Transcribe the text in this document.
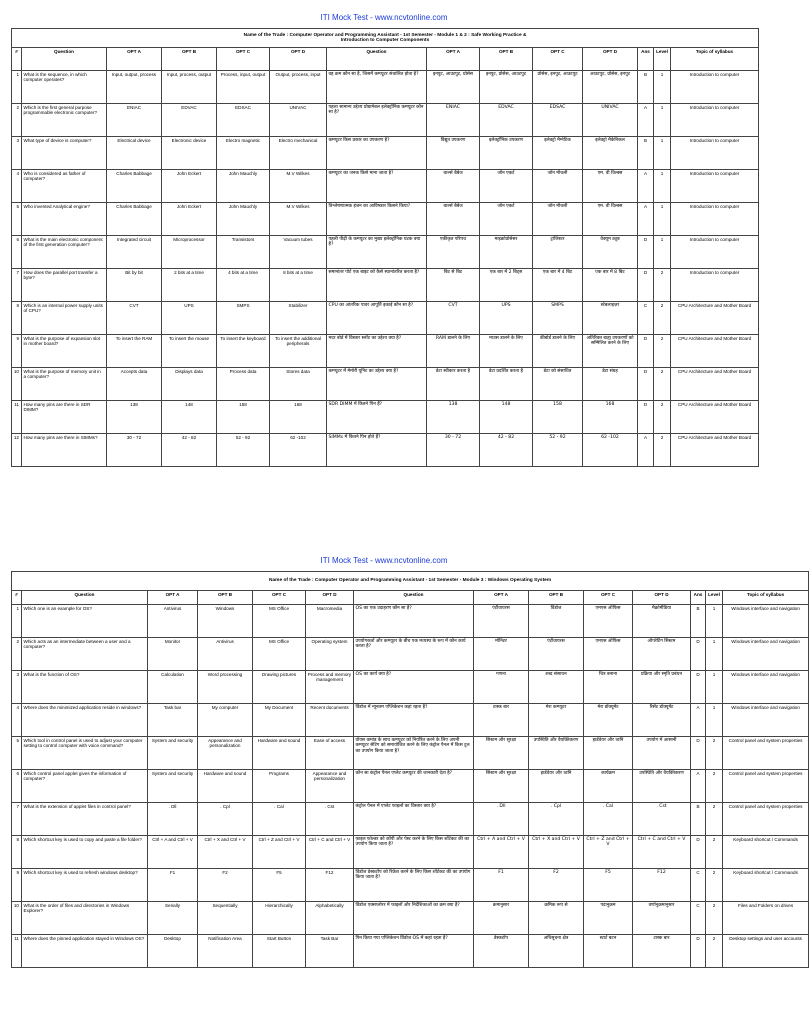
ITI Mock Test - www.ncvtonline.com
Name of the Trade : Computer Operator and Programming Assistant - 1st Semester - Module 1 & 2 : Safe Working Practice &
Introduction to Computer Components													

#	Question	OPT A	OPT B	OPT C	OPT D	Question	OPT A	OPT B	OPT C	OPT D	Ans	Level	Topic of syllabus
1	What is the sequence, in which computer operates?	Input, output, process	Input, process, output	Process, input, output	Output, process, input	वह क्रम कौन सा है, जिसमें कम्प्यूटर संचालित होता है?	इनपुट, आउटपुट, प्रोसेस	इनपुट, प्रोसेस, आउटपुट	प्रोसेस, इनपुट, आउटपुट	आउटपुट, प्रोसेस, इनपुट	B	1	Introduction to computer
2	Which is the first general purpose programmable electronic computer?	ENIAC	EDVAC	EDSAC	UNIVAC	पहला सामान्य उद्देश्य प्रोग्रामेबल इलेक्ट्रॉनिक कम्प्यूटर कौन सा है?	ENIAC	EDVAC	EDSAC	UNIVAC	A	1	Introduction to computer
3	What type of device is computer?	Electrical device	Electronic device	Electro magnetic	Electro mechanical	कम्प्यूटर किस प्रकार का उपकरण है?	विद्युत उपकरण	इलेक्ट्रॉनिक उपकरण	इलेक्ट्रो मैग्नेटिक	इलेक्ट्रो मैकेनिकल	B	1	Introduction to computer
4	Who is considered as father of computer?	Charles Babbage	John Eckert	John Mauchly	M.V Wilkes	कम्प्यूटर का जनक किसे माना जाता है?	चार्ल्स बैबेज	जॉन एकर्ट	जॉन मौचली	एम. वी विल्क्स	A	1	Introduction to computer
5	Who invented Analytical engine?	Charles Babbage	John Eckert	John Mauchly	M.V Wilkes	विश्लेषणात्मक इंजन का आविष्कार किसने किया?	चार्ल्स बैबेज	जॉन एकर्ट	जॉन मौचली	एम. वी विल्क्स	A	1	Introduction to computer
6	What is the main electronic component of the first generation computer?	Integrated circuit	Microprocessor	Transistors	Vacuum tubes	पहली पीढ़ी के कम्प्यूटर का मुख्य इलेक्ट्रॉनिक घटक क्या है?	एकीकृत परिपथ	माइक्रोप्रोसेसर	ट्रांजिस्टर	वैक्यूम ट्यूब	D	1	Introduction to computer
7	How does the parallel port transfer a byte?	Bit by bit	2 bits at a time	4 bits at a time	8 bits at a time	समानांतर पोर्ट एक बाइट को कैसे स्थानांतरित करता है?	बिट से बिट	एक बार में 2 बिट्स	एक बार में 4 बिट	एक बार में 8 बिट	D	2	Introduction to computer
8	Which is an internal power supply units of CPU?	CVT	UPS	SMPS	Stabilizer	CPU का आंतरिक पावर आपूर्ति इकाई कौन सा है?	CVT	UPS	SMPS	स्टेबलाइज़र	C	2	CPU Architecture and Mother Board
9	What is the purpose of expansion slot in mother board?	To insert the RAM	To insert the mouse	To insert the keyboard	To insert the additional peripherals	मदर बोर्ड में विस्तार स्लॉट का उद्देश्य क्या है?	RAM डालने के लिए	माउस डालने के लिए	कीबोर्ड डालने के लिए	अतिरिक्त बाह्य उपकरणों को सम्मिलित करने के लिए	D	2	CPU Architecture and Mother Board
10	What is the purpose of memory unit in a computer?	Accepts data	Displays data	Process data	Stores data	कम्प्यूटर में मेमोरी यूनिट का उद्देश्य क्या है?	डेटा स्वीकार करता है	डेटा प्रदर्शित करता है	डेटा को संसाधित	डेटा संग्रह	D	2	CPU Architecture and Mother Board
11	How many pins are there in SDR DIMM?	138	148	158	168	SDR DIMM में कितने पिन हैं?	138	148	158	168	D	2	CPU Architecture and Mother Board
12	How many pins are there in SIMMs?	30 - 72	42 - 82	52 - 92	62 -102	SIMMs में कितने पिन होते हैं?	30 - 72	42 - 82	52 - 92	62 -102	A	2	CPU Architecture and Mother Board
ITI Mock Test - www.ncvtonline.com
Name of the Trade : Computer Operator and Programming Assistant - 1st Semester - Module 3 : Windows Operating System													

#	Question	OPT A	OPT B	OPT C	OPT D	Question	OPT A	OPT B	OPT C	OPT D	Ans	Level	Topic of syllabus
1	Which one is an example for OS?	Antivirus	Windows	MS Office	Macromedia	OS का एक उदाहरण कौन सा है?	एंटीवायरस	विंडोज	एमएस ऑफिस	मैक्रोमीडिया	B	1	Windows interface and navigation
2	Which acts as an intermediate between a user and a computer?	Monitor	Antivirus	MS Office	Operating system	उपयोगकर्ता और कम्प्यूटर के बीच एक मध्यस्थ के रूप में कौन कार्य करता है?	मॉनिटर	एंटीवायरस	एमएस ऑफिस	ऑपरेटिंग सिस्टम	D	1	Windows interface and navigation
3	What is the function of OS?	Calculation	Word processing	Drawing pictures	Process and memory management	OS का कार्य क्या है?	गणना	शब्द संसाधन	चित्र बनाना	प्रक्रिया और स्मृति प्रबंधन	D	1	Windows interface and navigation
4	Where does the minimized application reside in windows?	Task bar	My computer	My Document	Recent documents	विंडोज में न्यूनतम एप्लिकेशन कहां रहता है?	टास्क बार	मेरा कम्प्यूटर	मेरा डॉक्यूमेंट	रिसेंट डॉक्यूमेंट	A	1	Windows interface and navigation
5	Which tool in control panel is used to adjust your computer setting to control computer with voice command?	System and security	Appearance and personalization	Hardware and sound	Ease of access	वॉयस कमांड के साथ कम्प्यूटर को नियंत्रित करने के लिए अपनी कम्प्यूटर सेटिंग को समायोजित करने के लिए कंट्रोल पैनल में किस टूल का उपयोग किया जाता है?	सिस्टम और सुरक्षा	उपस्थिति और वैयक्तिकरण	हार्डवेयर और ध्वनि	उपयोग में आसानी	D	2	Control panel and system properties
6	Which control panel applet gives the information of computer?	System and security	Hardware and sound	Programs	Appearance and personalization	कौन सा कंट्रोल पैनल एप्लेट कम्प्यूटर की जानकारी देता है?	सिस्टम और सुरक्षा	हार्डवेयर और ध्वनि	कार्यक्रम	उपस्थिति और वैयक्तिकरण	A	2	Control panel and system properties
7	What is the extension of applet files in control panel?	. Dll	. Cpl	. Cal	. Cst	कंट्रोल पैनल में एप्लेट फाइलों का विस्तार क्या है?	. Dll	. Cpl	. Cal	. Cst	B	2	Control panel and system properties
8	Which shortcut key is used to copy and paste a file folder?	Ctrl + A and Ctrl + V	Ctrl + X and Ctrl + V	Ctrl + Z and Ctrl + V	Ctrl + C and Ctrl + V	फ़ाइल फ़ोल्डर को कॉपी और पेस्ट करने के लिए किस शॉर्टकट की का उपयोग किया जाता है?	Ctrl + A and Ctrl + V	Ctrl + X and Ctrl + V	Ctrl + Z and Ctrl + V	Ctrl + C and Ctrl + V	D	2	Keyboard shortcut / Commands
9	Which shortcut key is used to refresh windows desktop?	F1	F2	F5	F12	विंडोज डेस्कटॉप को रिफ्रेश करने के लिए किस शॉर्टकट की का उपयोग किया जाता है?	F1	F2	F5	F12	C	2	Keyboard shortcut / Commands
10	What is the order of files and directories in Windows Explorer?	Serially	Sequentially	Hierarchically	Alphabetically	विंडोज एक्सप्लोरर में फाइलों और निर्देशिकाओं का क्रम क्या है?	क्रमानुसार	क्रमिक रूप से	पदानुक्रम	वर्णानुक्रमानुसार	C	2	Files and Folders on drives
11	Where does the pinned application stayed in Windows OS?	Desktop	Notification Area	Start Button	Task Bar	पिन किया गया एप्लिकेशन विंडोज OS में कहां रहता है?	डेस्कटॉप	अधिसूचना क्षेत्र	स्टार्ट बटन	टास्क बार	D	2	Desktop settings and user accounts
